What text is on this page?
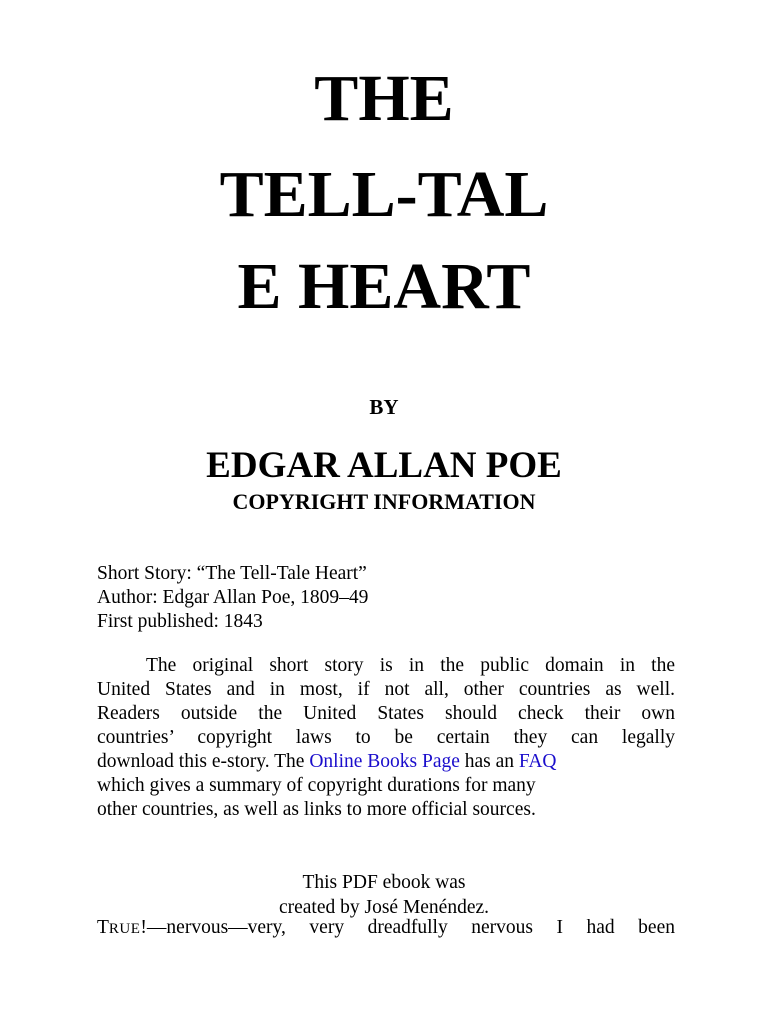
THE
TELL-TAL
E HEART
BY
EDGAR ALLAN POE
COPYRIGHT INFORMATION
Short Story: “The Tell-Tale Heart”
Author: Edgar Allan Poe, 1809–49
First published: 1843
The original short story is in the public domain in the
United States and in most, if not all, other countries as well.
Readers outside the United States should check their own
countries’ copyright laws to be certain they can legally
download this e-story. The Online Books Page has an FAQ
which gives a summary of copyright durations for many
other countries, as well as links to more official sources.
This PDF ebook was
created by José Menéndez.
TRUE!—nervous—very, very dreadfully nervous I had been
